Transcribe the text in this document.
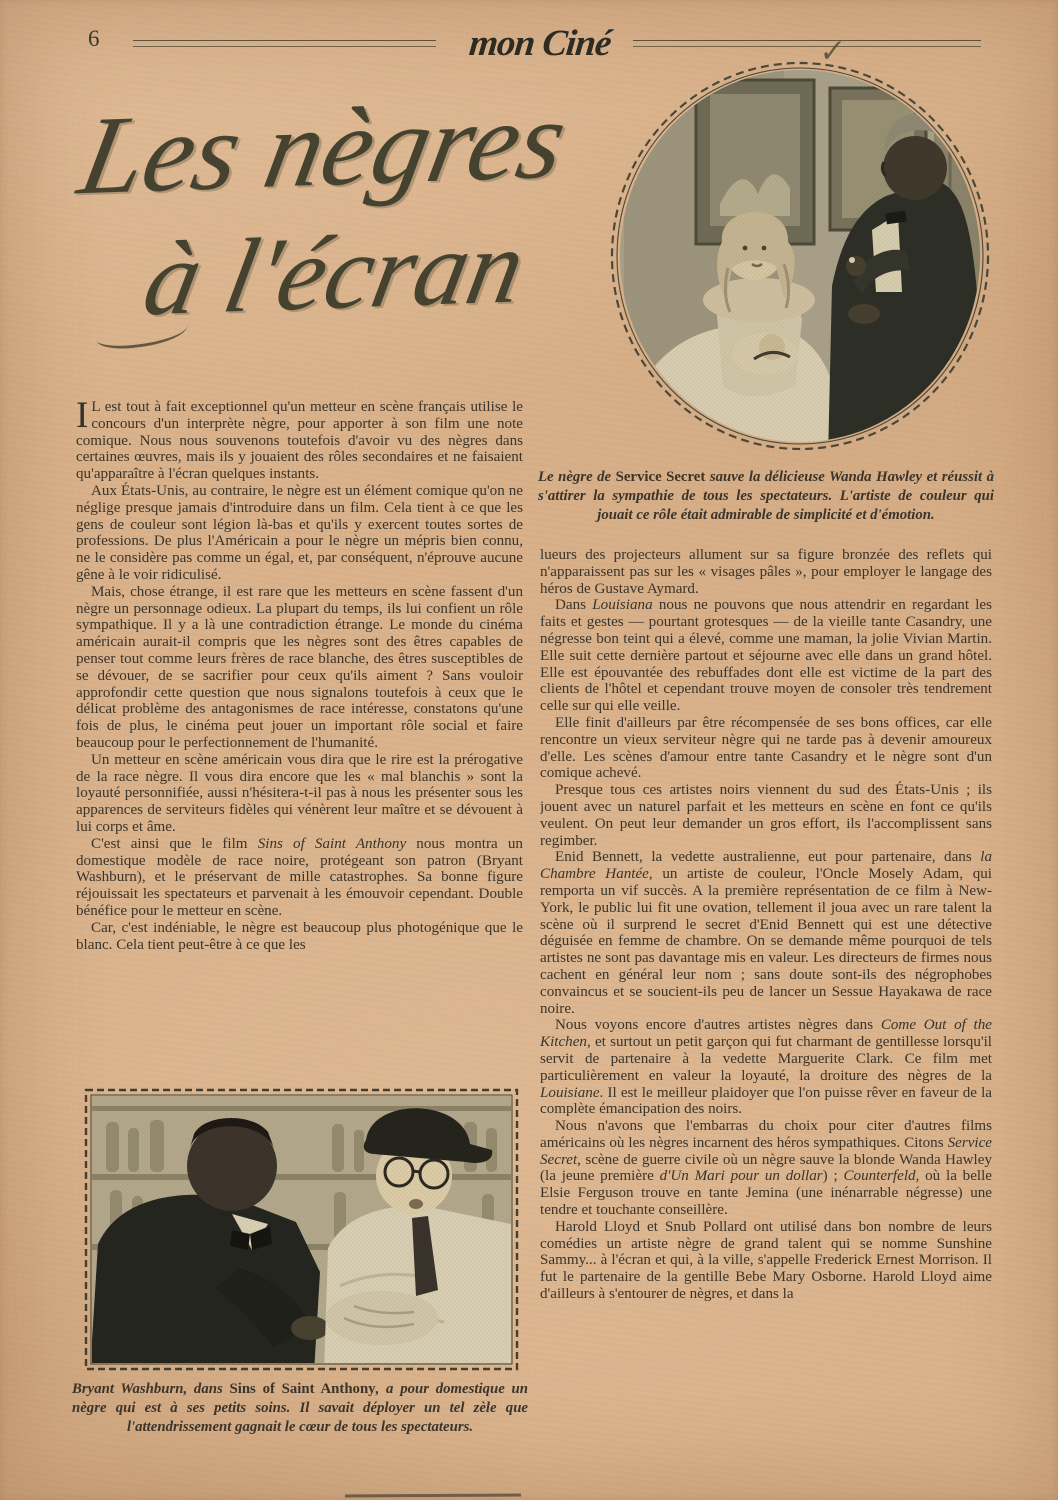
6	mon Ciné	✓
Les nègres
à l'écran

Le nègre de Service Secret sauve la délicieuse Wanda Hawley et réussit à s'attirer la sympathie de tous les spectateurs. L'artiste de couleur qui jouait ce rôle était admirable de simplicité et d'émotion.

I L est tout à fait exceptionnel qu'un metteur en scène français utilise le concours d'un interprète nègre, pour apporter à son film une note comique. Nous nous souvenons toutefois d'avoir vu des nègres dans certaines œuvres, mais ils y jouaient des rôles secondaires et ne faisaient qu'apparaître à l'écran quelques instants.

Aux États-Unis, au contraire, le nègre est un élément comique qu'on ne néglige presque jamais d'introduire dans un film. Cela tient à ce que les gens de couleur sont légion là-bas et qu'ils y exercent toutes sortes de professions. De plus l'Américain a pour le nègre un mépris bien connu, ne le considère pas comme un égal, et, par conséquent, n'éprouve aucune gêne à le voir ridiculisé.

Mais, chose étrange, il est rare que les metteurs en scène fassent d'un nègre un personnage odieux. La plupart du temps, ils lui confient un rôle sympathique. Il y a là une contradiction étrange. Le monde du cinéma américain aurait-il compris que les nègres sont des êtres capables de penser tout comme leurs frères de race blanche, des êtres susceptibles de se dévouer, de se sacrifier pour ceux qu'ils aiment ? Sans vouloir approfondir cette question que nous signalons toutefois à ceux que le délicat problème des antagonismes de race intéresse, constatons qu'une fois de plus, le cinéma peut jouer un important rôle social et faire beaucoup pour le perfectionnement de l'humanité.

Un metteur en scène américain vous dira que le rire est la prérogative de la race nègre. Il vous dira encore que les « mal blanchis » sont la loyauté personnifiée, aussi n'hésitera-t-il pas à nous les présenter sous les apparences de serviteurs fidèles qui vénèrent leur maître et se dévouent à lui corps et âme.

C'est ainsi que le film Sins of Saint Anthony nous montra un domestique modèle de race noire, protégeant son patron (Bryant Washburn), et le préservant de mille catastrophes. Sa bonne figure réjouissait les spectateurs et parvenait à les émouvoir cependant. Double bénéfice pour le metteur en scène.

Car, c'est indéniable, le nègre est beaucoup plus photogénique que le blanc. Cela tient peut-être à ce que les

lueurs des projecteurs allument sur sa figure bronzée des reflets qui n'apparaissent pas sur les « visages pâles », pour employer le langage des héros de Gustave Aymard.

Dans Louisiana nous ne pouvons que nous attendrir en regardant les faits et gestes — pourtant grotesques — de la vieille tante Casandry, une négresse bon teint qui a élevé, comme une maman, la jolie Vivian Martin. Elle suit cette dernière partout et séjourne avec elle dans un grand hôtel. Elle est épouvantée des rebuffades dont elle est victime de la part des clients de l'hôtel et cependant trouve moyen de consoler très tendrement celle sur qui elle veille.

Elle finit d'ailleurs par être récompensée de ses bons offices, car elle rencontre un vieux serviteur nègre qui ne tarde pas à devenir amoureux d'elle. Les scènes d'amour entre tante Casandry et le nègre sont d'un comique achevé.

Presque tous ces artistes noirs viennent du sud des États-Unis ; ils jouent avec un naturel parfait et les metteurs en scène en font ce qu'ils veulent. On peut leur demander un gros effort, ils l'accomplissent sans regimber.

Enid Bennett, la vedette australienne, eut pour partenaire, dans la Chambre Hantée, un artiste de couleur, l'Oncle Mosely Adam, qui remporta un vif succès. A la première représentation de ce film à New-York, le public lui fit une ovation, tellement il joua avec un rare talent la scène où il surprend le secret d'Enid Bennett qui est une détective déguisée en femme de chambre. On se demande même pourquoi de tels artistes ne sont pas davantage mis en valeur. Les directeurs de firmes nous cachent en général leur nom ; sans doute sont-ils des négrophobes convaincus et se soucient-ils peu de lancer un Sessue Hayakawa de race noire.

Nous voyons encore d'autres artistes nègres dans Come Out of the Kitchen, et surtout un petit garçon qui fut charmant de gentillesse lorsqu'il servit de partenaire à la vedette Marguerite Clark. Ce film met particulièrement en valeur la loyauté, la droiture des nègres de la Louisiane. Il est le meilleur plaidoyer que l'on puisse rêver en faveur de la complète émancipation des noirs.

Nous n'avons que l'embarras du choix pour citer d'autres films américains où les nègres incarnent des héros sympathiques. Citons Service Secret, scène de guerre civile où un nègre sauve la blonde Wanda Hawley (la jeune première d'Un Mari pour un dollar) ; Counterfeld, où la belle Elsie Ferguson trouve en tante Jemina (une inénarrable négresse) une tendre et touchante conseillère.

Harold Lloyd et Snub Pollard ont utilisé dans bon nombre de leurs comédies un artiste nègre de grand talent qui se nomme Sunshine Sammy... à l'écran et qui, à la ville, s'appelle Frederick Ernest Morrison. Il fut le partenaire de la gentille Bebe Mary Osborne. Harold Lloyd aime d'ailleurs à s'entourer de nègres, et dans la

Bryant Washburn, dans Sins of Saint Anthony, a pour domestique un nègre qui est à ses petits soins. Il savait déployer un tel zèle que l'attendrissement gagnait le cœur de tous les spectateurs.
